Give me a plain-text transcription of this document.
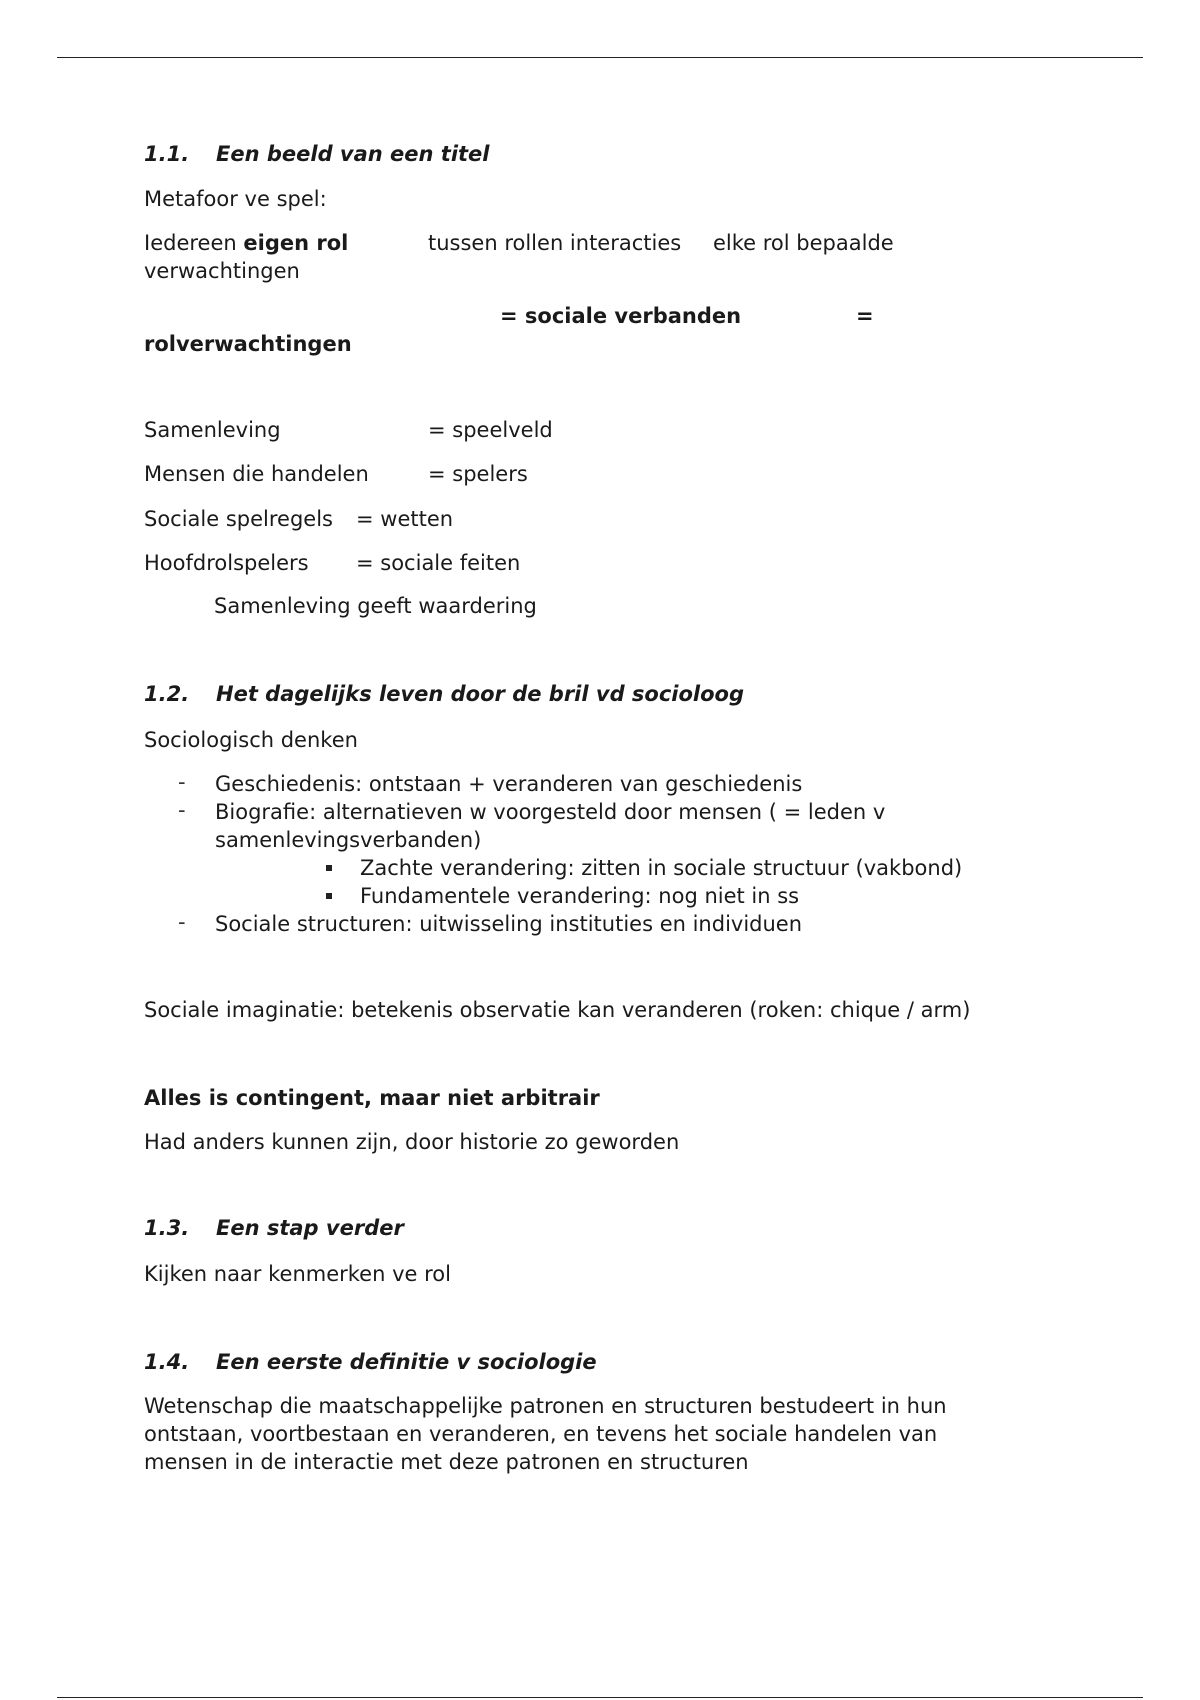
1.1. Een beeld van een titel
Metafoor ve spel:
Iedereen eigen rol	tussen rollen interacties elke rol bepaalde
verwachtingen
= sociale verbanden	=
rolverwachtingen
Samenleving	= speelveld
Mensen die handelen	= spelers
Sociale spelregels = wetten
Hoofdrolspelers = sociale feiten
Samenleving geeft waardering
1.2. Het dagelijks leven door de bril vd socioloog
Sociologisch denken
- Geschiedenis: ontstaan + veranderen van geschiedenis
- Biografie: alternatieven w voorgesteld door mensen ( = leden v
samenlevingsverbanden)
Zachte verandering: zitten in sociale structuur (vakbond)
Fundamentele verandering: nog niet in ss
- Sociale structuren: uitwisseling instituties en individuen
Sociale imaginatie: betekenis observatie kan veranderen (roken: chique / arm)
Alles is contingent, maar niet arbitrair
Had anders kunnen zijn, door historie zo geworden
1.3. Een stap verder
Kijken naar kenmerken ve rol
1.4. Een eerste definitie v sociologie
Wetenschap die maatschappelijke patronen en structuren bestudeert in hun
ontstaan, voortbestaan en veranderen, en tevens het sociale handelen van
mensen in de interactie met deze patronen en structuren
